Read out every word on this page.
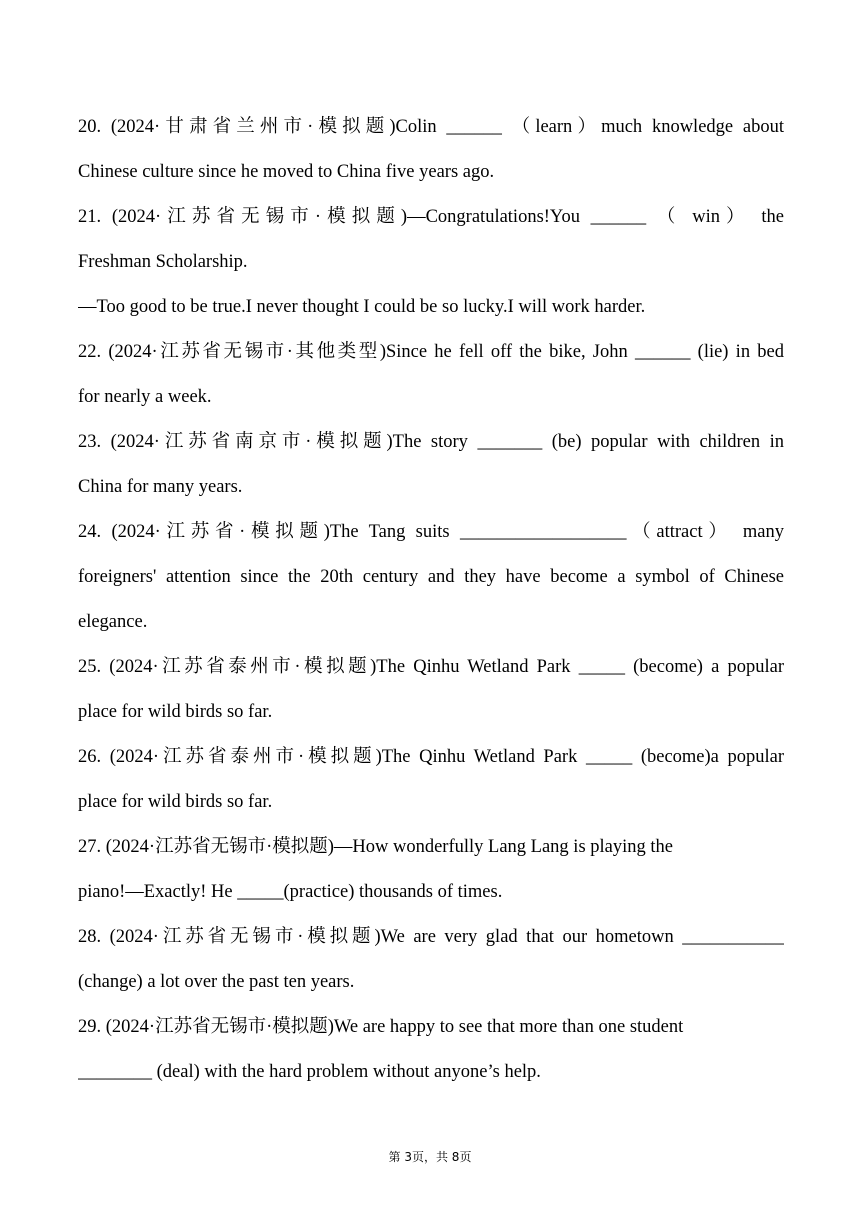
20. (2024·甘肃省兰州市·模拟题)Colin ______ （learn）much knowledge about
Chinese culture since he moved to China five years ago.
21. (2024·江苏省无锡市·模拟题)—Congratulations!You ______ （ win） the
Freshman Scholarship.
—Too good to be true.I never thought I could be so lucky.I will work harder.
22. (2024·江苏省无锡市·其他类型)Since he fell off the bike, John ______ (lie) in bed
for nearly a week.
23. (2024·江苏省南京市·模拟题)The story _______ (be) popular with children in
China for many years.
24. (2024·江苏省·模拟题)The Tang suits __________________（attract） many
foreigners' attention since the 20th century and they have become a symbol of Chinese
elegance.
25. (2024·江苏省泰州市·模拟题)The Qinhu Wetland Park _____ (become) a popular
place for wild birds so far.
26. (2024·江苏省泰州市·模拟题)The Qinhu Wetland Park _____ (become)a popular
place for wild birds so far.
27. (2024·江苏省无锡市·模拟题)—How wonderfully Lang Lang is playing the
piano!—Exactly! He _____(practice) thousands of times.
28. (2024·江苏省无锡市·模拟题)We are very glad that our hometown ___________
(change) a lot over the past ten years.
29. (2024·江苏省无锡市·模拟题)We are happy to see that more than one student
________ (deal) with the hard problem without anyone’s help.
第 3页，共 8页
